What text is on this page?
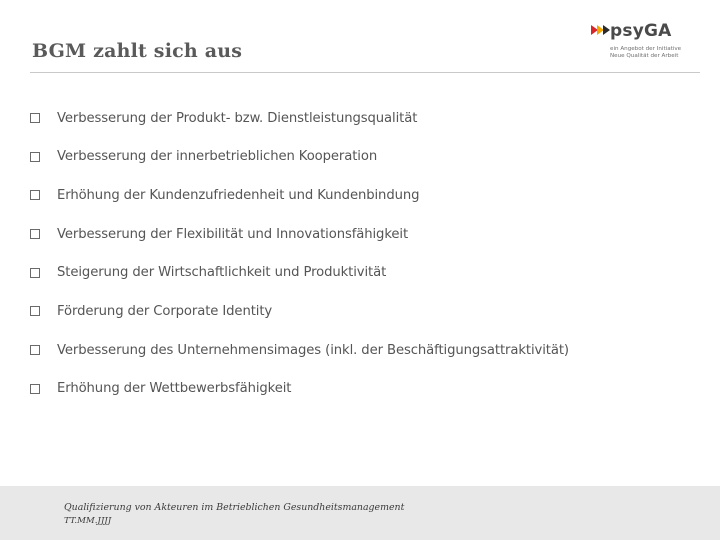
BGM zahlt sich aus
psyGA
ein Angebot der Initiative
Neue Qualität der Arbeit
Verbesserung der Produkt- bzw. Dienstleistungsqualität
Verbesserung der innerbetrieblichen Kooperation
Erhöhung der Kundenzufriedenheit und Kundenbindung
Verbesserung der Flexibilität und Innovationsfähigkeit
Steigerung der Wirtschaftlichkeit und Produktivität
Förderung der Corporate Identity
Verbesserung des Unternehmensimages (inkl. der Beschäftigungsattraktivität)
Erhöhung der Wettbewerbsfähigkeit
Qualifizierung von Akteuren im Betrieblichen Gesundheitsmanagement
TT.MM.JJJJ
